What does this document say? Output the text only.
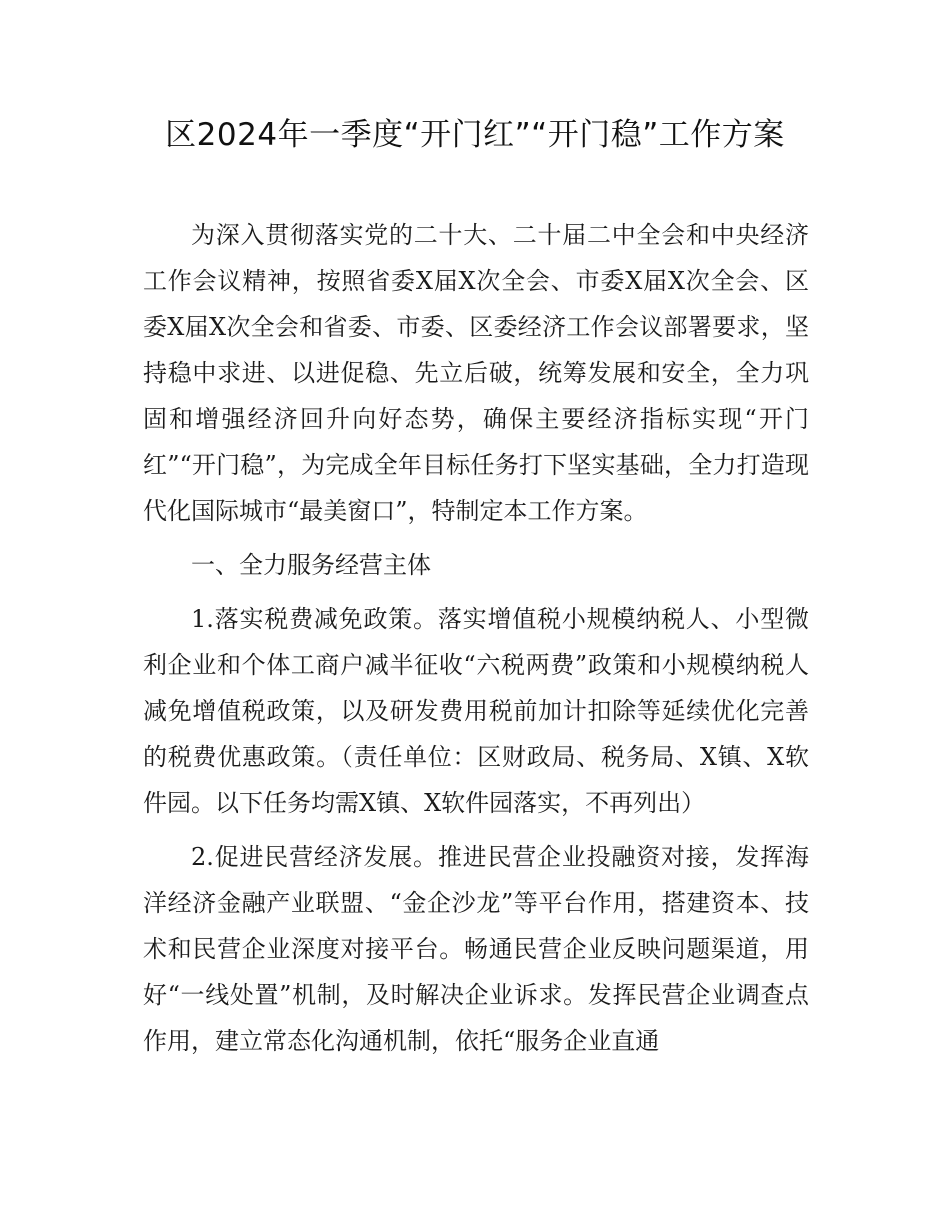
区2024年一季度“开门红”“开门稳”工作方案

为深入贯彻落实党的二十大、二十届二中全会和中央经济工作会议精神，按照省委X届X次全会、市委X届X次全会、区委X届X次全会和省委、市委、区委经济工作会议部署要求，坚持稳中求进、以进促稳、先立后破，统筹发展和安全，全力巩固和增强经济回升向好态势，确保主要经济指标实现“开门红”“开门稳”，为完成全年目标任务打下坚实基础，全力打造现代化国际城市“最美窗口”，特制定本工作方案。

一、全力服务经营主体

1.落实税费减免政策。落实增值税小规模纳税人、小型微利企业和个体工商户减半征收“六税两费”政策和小规模纳税人减免增值税政策，以及研发费用税前加计扣除等延续优化完善的税费优惠政策。（责任单位：区财政局、税务局、X镇、X软件园。以下任务均需X镇、X软件园落实，不再列出）

2.促进民营经济发展。推进民营企业投融资对接，发挥海洋经济金融产业联盟、“金企沙龙”等平台作用，搭建资本、技术和民营企业深度对接平台。畅通民营企业反映问题渠道，用好“一线处置”机制，及时解决企业诉求。发挥民营企业调查点作用，建立常态化沟通机制，依托“服务企业直通
